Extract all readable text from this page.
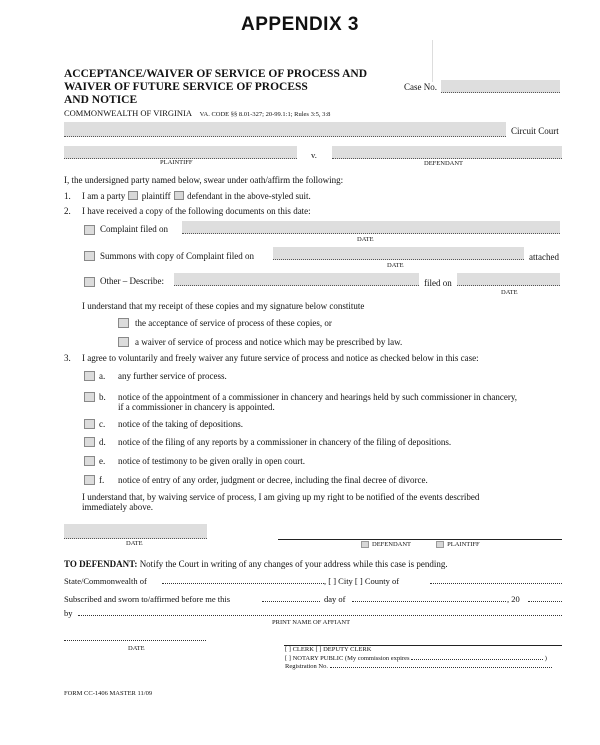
APPENDIX 3
ACCEPTANCE/WAIVER OF SERVICE OF PROCESS AND
WAIVER OF FUTURE SERVICE OF PROCESS
AND NOTICE
COMMONWEALTH OF VIRGINIA VA. CODE §§ 8.01-327; 20-99.1:1; Rules 3:5, 3:8
Case No.
Circuit Court
PLAINTIFF
v.
DEFENDANT
I, the undersigned party named below, swear under oath/affirm the following:
1. I am a party plaintiff defendant in the above-styled suit.
2. I have received a copy of the following documents on this date:
Complaint filed on
DATE
Summons with copy of Complaint filed on	attached
DATE
Other – Describe:	filed on
DATE
I understand that my receipt of these copies and my signature below constitute
the acceptance of service of process of these copies, or
a waiver of service of process and notice which may be prescribed by law.
3. I agree to voluntarily and freely waiver any future service of process and notice as checked below in this case:
a. any further service of process.
b. notice of the appointment of a commissioner in chancery and hearings held by such commissioner in chancery,
if a commissioner in chancery is appointed.
c. notice of the taking of depositions.
d. notice of the filing of any reports by a commissioner in chancery of the filing of depositions.
e. notice of testimony to be given orally in open court.
f. notice of entry of any order, judgment or decree, including the final decree of divorce.
I understand that, by waiving service of process, I am giving up my right to be notified of the events described
immediately above.
DATE	DEFENDANT	PLAINTIFF
TO DEFENDANT: Notify the Court in writing of any changes of your address while this case is pending.
State/Commonwealth of	, [ ] City [ ] County of
Subscribed and sworn to/affirmed before me this	day of	, 20
by
PRINT NAME OF AFFIANT
DATE	[ ] CLERK [ ] DEPUTY CLERK
[ ] NOTARY PUBLIC (My commission expires	)
Registration No.
FORM CC-1406 MASTER 11/09
